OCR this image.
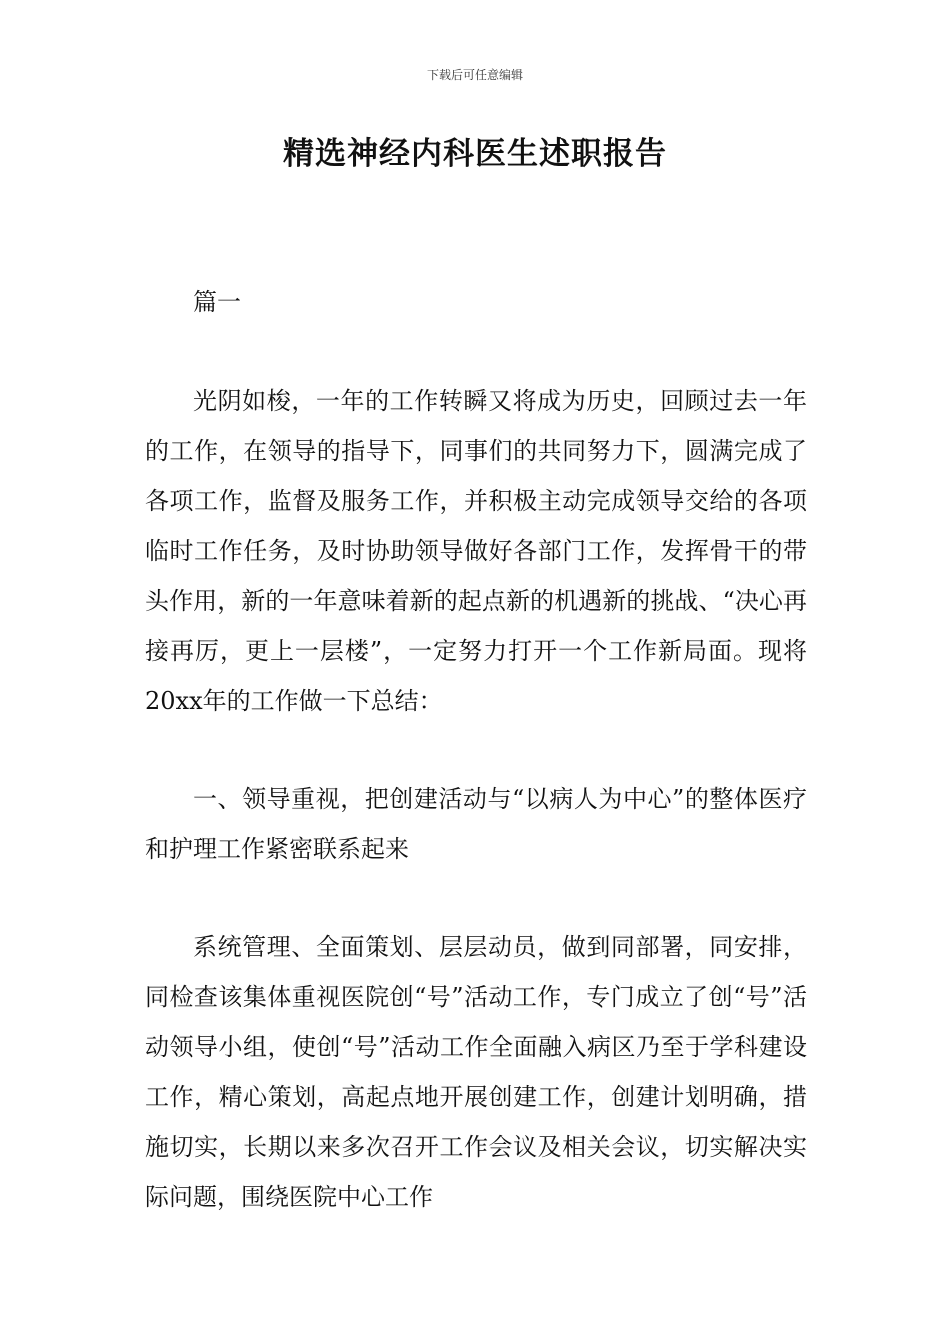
下载后可任意编辑
精选神经内科医生述职报告

篇一

光阴如梭，一年的工作转瞬又将成为历史，回顾过去一年的工作，在领导的指导下，同事们的共同努力下，圆满完成了各项工作，监督及服务工作，并积极主动完成领导交给的各项临时工作任务，及时协助领导做好各部门工作，发挥骨干的带头作用，新的一年意味着新的起点新的机遇新的挑战、“决心再接再厉，更上一层楼”，一定努力打开一个工作新局面。现将20xx年的工作做一下总结：

一、领导重视，把创建活动与“以病人为中心”的整体医疗和护理工作紧密联系起来

系统管理、全面策划、层层动员，做到同部署，同安排，同检查该集体重视医院创“号”活动工作，专门成立了创“号”活动领导小组，使创“号”活动工作全面融入病区乃至于学科建设工作，精心策划，高起点地开展创建工作，创建计划明确，措施切实，长期以来多次召开工作会议及相关会议，切实解决实际问题，围绕医院中心工作
